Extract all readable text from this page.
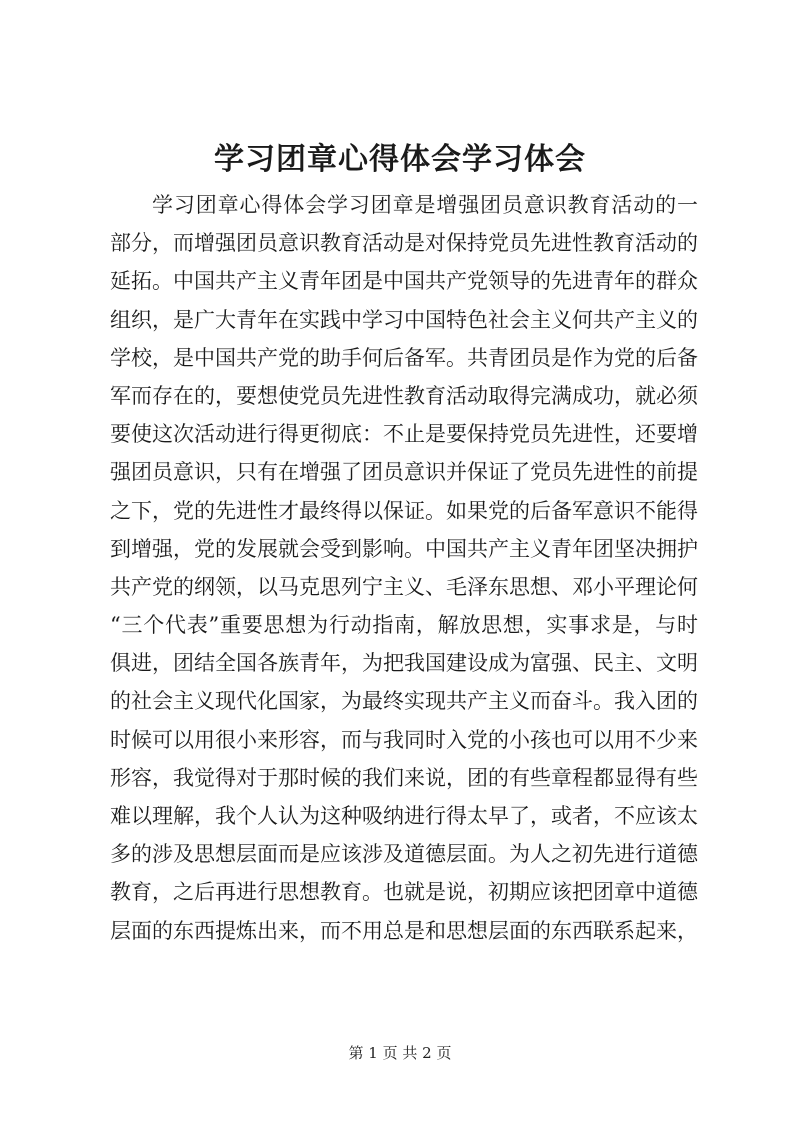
学习团章心得体会学习体会
学习团章心得体会学习团章是增强团员意识教育活动的一
部分，而增强团员意识教育活动是对保持党员先进性教育活动的
延拓。中国共产主义青年团是中国共产党领导的先进青年的群众
组织，是广大青年在实践中学习中国特色社会主义何共产主义的
学校，是中国共产党的助手何后备军。共青团员是作为党的后备
军而存在的，要想使党员先进性教育活动取得完满成功，就必须
要使这次活动进行得更彻底：不止是要保持党员先进性，还要增
强团员意识，只有在增强了团员意识并保证了党员先进性的前提
之下，党的先进性才最终得以保证。如果党的后备军意识不能得
到增强，党的发展就会受到影响。中国共产主义青年团坚决拥护
共产党的纲领，以马克思列宁主义、毛泽东思想、邓小平理论何
“三个代表”重要思想为行动指南，解放思想，实事求是，与时
俱进，团结全国各族青年，为把我国建设成为富强、民主、文明
的社会主义现代化国家，为最终实现共产主义而奋斗。我入团的
时候可以用很小来形容，而与我同时入党的小孩也可以用不少来
形容，我觉得对于那时候的我们来说，团的有些章程都显得有些
难以理解，我个人认为这种吸纳进行得太早了，或者，不应该太
多的涉及思想层面而是应该涉及道德层面。为人之初先进行道德
教育，之后再进行思想教育。也就是说，初期应该把团章中道德
层面的东西提炼出来，而不用总是和思想层面的东西联系起来，
第 1 页 共 2 页
